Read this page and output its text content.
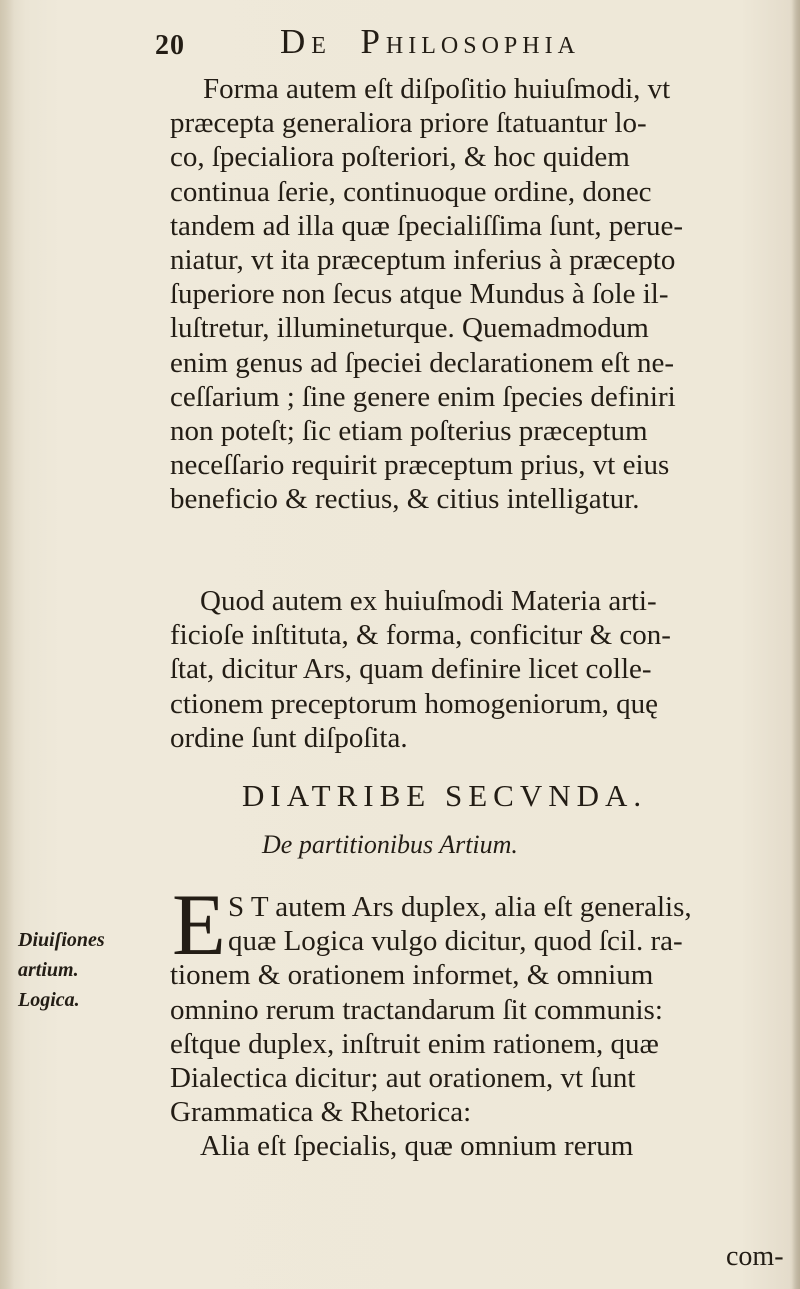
20	DE PHILOSOPHIA
Forma autem eſt diſpoſitio huiuſmodi, vt
præcepta generaliora priore ſtatuantur lo-
co, ſpecialiora poſteriori, & hoc quidem
continua ſerie, continuoque ordine, donec
tandem ad illa quæ ſpecialiſſima ſunt, perue-
niatur, vt ita præceptum inferius à præcepto
ſuperiore non ſecus atque Mundus à ſole il-
luſtretur, illumineturque. Quemadmodum
enim genus ad ſpeciei declarationem eſt ne-
ceſſarium ; ſine genere enim ſpecies definiri
non poteſt; ſic etiam poſterius præceptum
neceſſario requirit præceptum prius, vt eius
beneficio & rectius, & citius intelligatur.
Quod autem ex huiuſmodi Materia arti-
ficioſe inſtituta, & forma, conficitur & con-
ſtat, dicitur Ars, quam definire licet colle-
ctionem preceptorum homogeniorum, quę
ordine ſunt diſpoſita.
DIATRIBE SECVNDA.
De partitionibus Artium.
Diuiſiones
artium.
Logica.
E S T autem Ars duplex, alia eſt generalis,
quæ Logica vulgo dicitur, quod ſcil. ra-
tionem & orationem informet, & omnium
omnino rerum tractandarum ſit communis:
eſtque duplex, inſtruit enim rationem, quæ
Dialectica dicitur; aut orationem, vt ſunt
Grammatica & Rhetorica:
Alia eſt ſpecialis, quæ omnium rerum
com-
